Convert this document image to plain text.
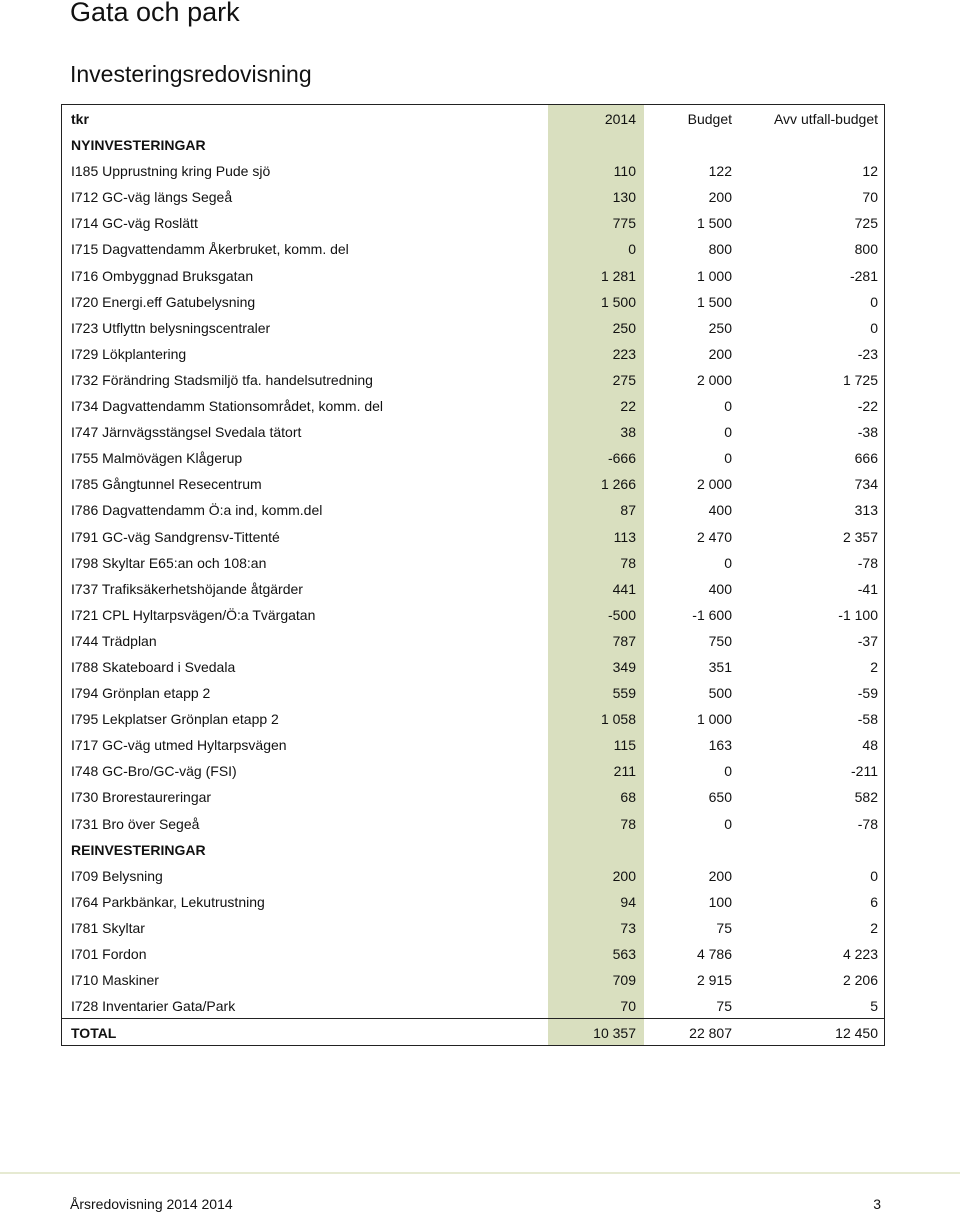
Gata och park
Investeringsredovisning
tkr	2014	Budget	Avv utfall-budget
NYINVESTERINGAR
I185 Upprustning kring Pude sjö	110	122	12
I712 GC-väg längs Segeå	130	200	70
I714 GC-väg Roslätt	775	1 500	725
I715 Dagvattendamm Åkerbruket, komm. del	0	800	800
I716 Ombyggnad Bruksgatan	1 281	1 000	-281
I720 Energi.eff Gatubelysning	1 500	1 500	0
I723 Utflyttn belysningscentraler	250	250	0
I729 Lökplantering	223	200	-23
I732 Förändring Stadsmiljö tfa. handelsutredning	275	2 000	1 725
I734 Dagvattendamm Stationsområdet, komm. del	22	0	-22
I747 Järnvägsstängsel Svedala tätort	38	0	-38
I755 Malmövägen Klågerup	-666	0	666
I785 Gångtunnel Resecentrum	1 266	2 000	734
I786 Dagvattendamm Ö:a ind, komm.del	87	400	313
I791 GC-väg Sandgrensv-Tittenté	113	2 470	2 357
I798 Skyltar E65:an och 108:an	78	0	-78
I737 Trafiksäkerhetshöjande åtgärder	441	400	-41
I721 CPL Hyltarpsvägen/Ö:a Tvärgatan	-500	-1 600	-1 100
I744 Trädplan	787	750	-37
I788 Skateboard i Svedala	349	351	2
I794 Grönplan etapp 2	559	500	-59
I795 Lekplatser Grönplan etapp 2	1 058	1 000	-58
I717 GC-väg utmed Hyltarpsvägen	115	163	48
I748 GC-Bro/GC-väg (FSI)	211	0	-211
I730 Brorestaureringar	68	650	582
I731 Bro över Segeå	78	0	-78
REINVESTERINGAR
I709 Belysning	200	200	0
I764 Parkbänkar, Lekutrustning	94	100	6
I781 Skyltar	73	75	2
I701 Fordon	563	4 786	4 223
I710 Maskiner	709	2 915	2 206
I728 Inventarier Gata/Park	70	75	5
TOTAL	10 357	22 807	12 450
Årsredovisning 2014 2014	3
